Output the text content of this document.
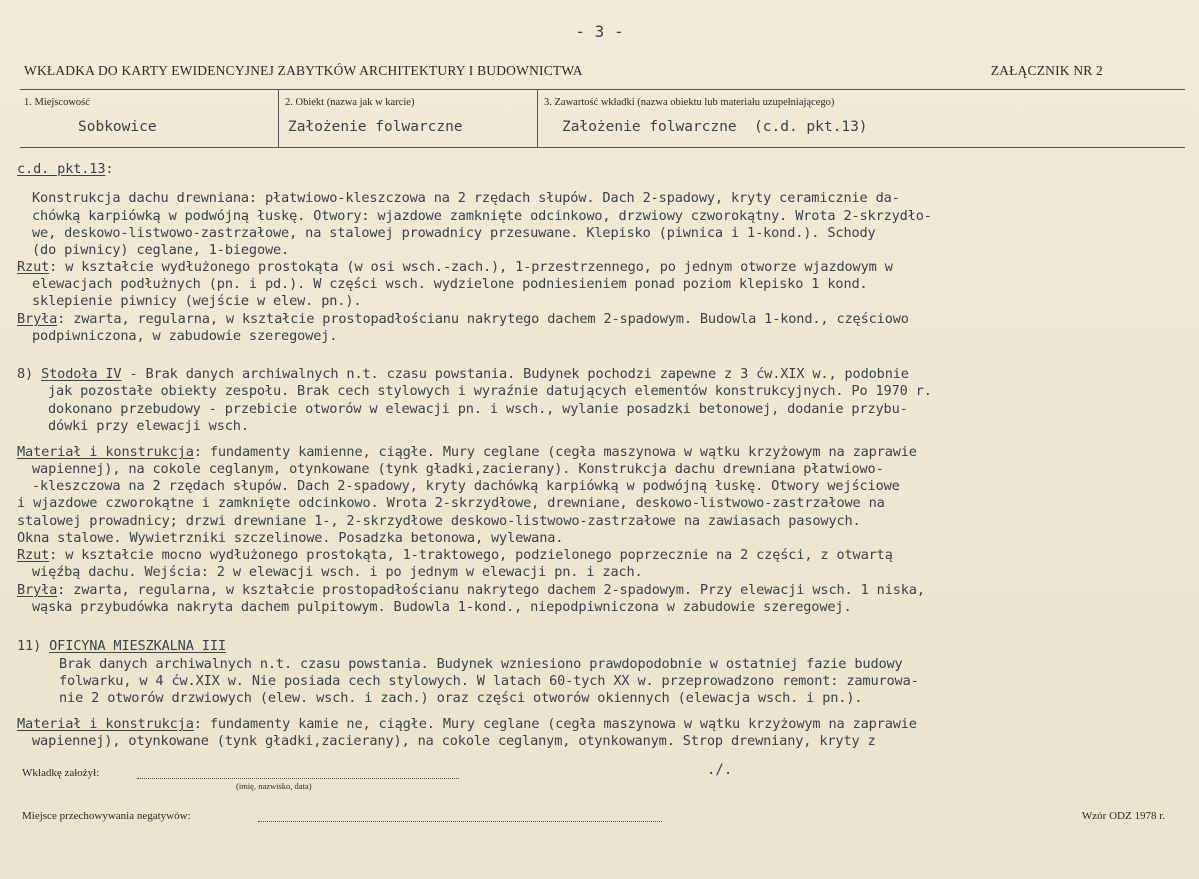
- 3 -
WKŁADKA DO KARTY EWIDENCYJNEJ ZABYTKÓW ARCHITEKTURY I BUDOWNICTWA	ZAŁĄCZNIK NR 2
1. Miejscowość	2. Obiekt (nazwa jak w karcie)	3. Zawartość wkładki (nazwa obiektu lub materiału uzupełniającego)
Sobkowice	Założenie folwarczne	Założenie folwarczne  (c.d. pkt.13)
c.d. pkt.13:
Konstrukcja dachu drewniana: płatwiowo-kleszczowa na 2 rzędach słupów. Dach 2-spadowy, kryty ceramicznie da-
chówką karpiówką w podwójną łuskę. Otwory: wjazdowe zamknięte odcinkowo, drzwiowy czworokątny. Wrota 2-skrzydło-
we, deskowo-listwowo-zastrzałowe, na stalowej prowadnicy przesuwane. Klepisko (piwnica i 1-kond.). Schody
(do piwnicy) ceglane, 1-biegowe.
Rzut: w kształcie wydłużonego prostokąta (w osi wsch.-zach.), 1-przestrzennego, po jednym otworze wjazdowym w
elewacjach podłużnych (pn. i pd.). W części wsch. wydzielone podniesieniem ponad poziom klepisko 1 kond.
sklepienie piwnicy (wejście w elew. pn.).
Bryła: zwarta, regularna, w kształcie prostopadłościanu nakrytego dachem 2-spadowym. Budowla 1-kond., częściowo
podpiwniczona, w zabudowie szeregowej.
8) Stodoła IV - Brak danych archiwalnych n.t. czasu powstania. Budynek pochodzi zapewne z 3 ćw.XIX w., podobnie
jak pozostałe obiekty zespołu. Brak cech stylowych i wyraźnie datujących elementów konstrukcyjnych. Po 1970 r.
dokonano przebudowy - przebicie otworów w elewacji pn. i wsch., wylanie posadzki betonowej, dodanie przybu-
dówki przy elewacji wsch.
Materiał i konstrukcja: fundamenty kamienne, ciągłe. Mury ceglane (cegła maszynowa w wątku krzyżowym na zaprawie
wapiennej), na cokole ceglanym, otynkowane (tynk gładki,zacierany). Konstrukcja dachu drewniana płatwiowo-
-kleszczowa na 2 rzędach słupów. Dach 2-spadowy, kryty dachówką karpiówką w podwójną łuskę. Otwory wejściowe
i wjazdowe czworokątne i zamknięte odcinkowo. Wrota 2-skrzydłowe, drewniane, deskowo-listwowo-zastrzałowe na
stalowej prowadnicy; drzwi drewniane 1-, 2-skrzydłowe deskowo-listwowo-zastrzałowe na zawiasach pasowych.
Okna stalowe. Wywietrzniki szczelinowe. Posadzka betonowa, wylewana.
Rzut: w kształcie mocno wydłużonego prostokąta, 1-traktowego, podzielonego poprzecznie na 2 części, z otwartą
więźbą dachu. Wejścia: 2 w elewacji wsch. i po jednym w elewacji pn. i zach.
Bryła: zwarta, regularna, w kształcie prostopadłościanu nakrytego dachem 2-spadowym. Przy elewacji wsch. 1 niska,
wąska przybudówka nakryta dachem pulpitowym. Budowla 1-kond., niepodpiwniczona w zabudowie szeregowej.
11) OFICYNA MIESZKALNA III
Brak danych archiwalnych n.t. czasu powstania. Budynek wzniesiono prawdopodobnie w ostatniej fazie budowy
folwarku, w 4 ćw.XIX w. Nie posiada cech stylowych. W latach 60-tych XX w. przeprowadzono remont: zamurowa-
nie 2 otworów drzwiowych (elew. wsch. i zach.) oraz części otworów okiennych (elewacja wsch. i pn.).
Materiał i konstrukcja: fundamenty kamie ne, ciągłe. Mury ceglane (cegła maszynowa w wątku krzyżowym na zaprawie
wapiennej), otynkowane (tynk gładki,zacierany), na cokole ceglanym, otynkowanym. Strop drewniany, kryty z
Wkładkę założył:
(imię, nazwisko, data)
./.
Miejsce przechowywania negatywów:	Wzór ODZ 1978 r.
